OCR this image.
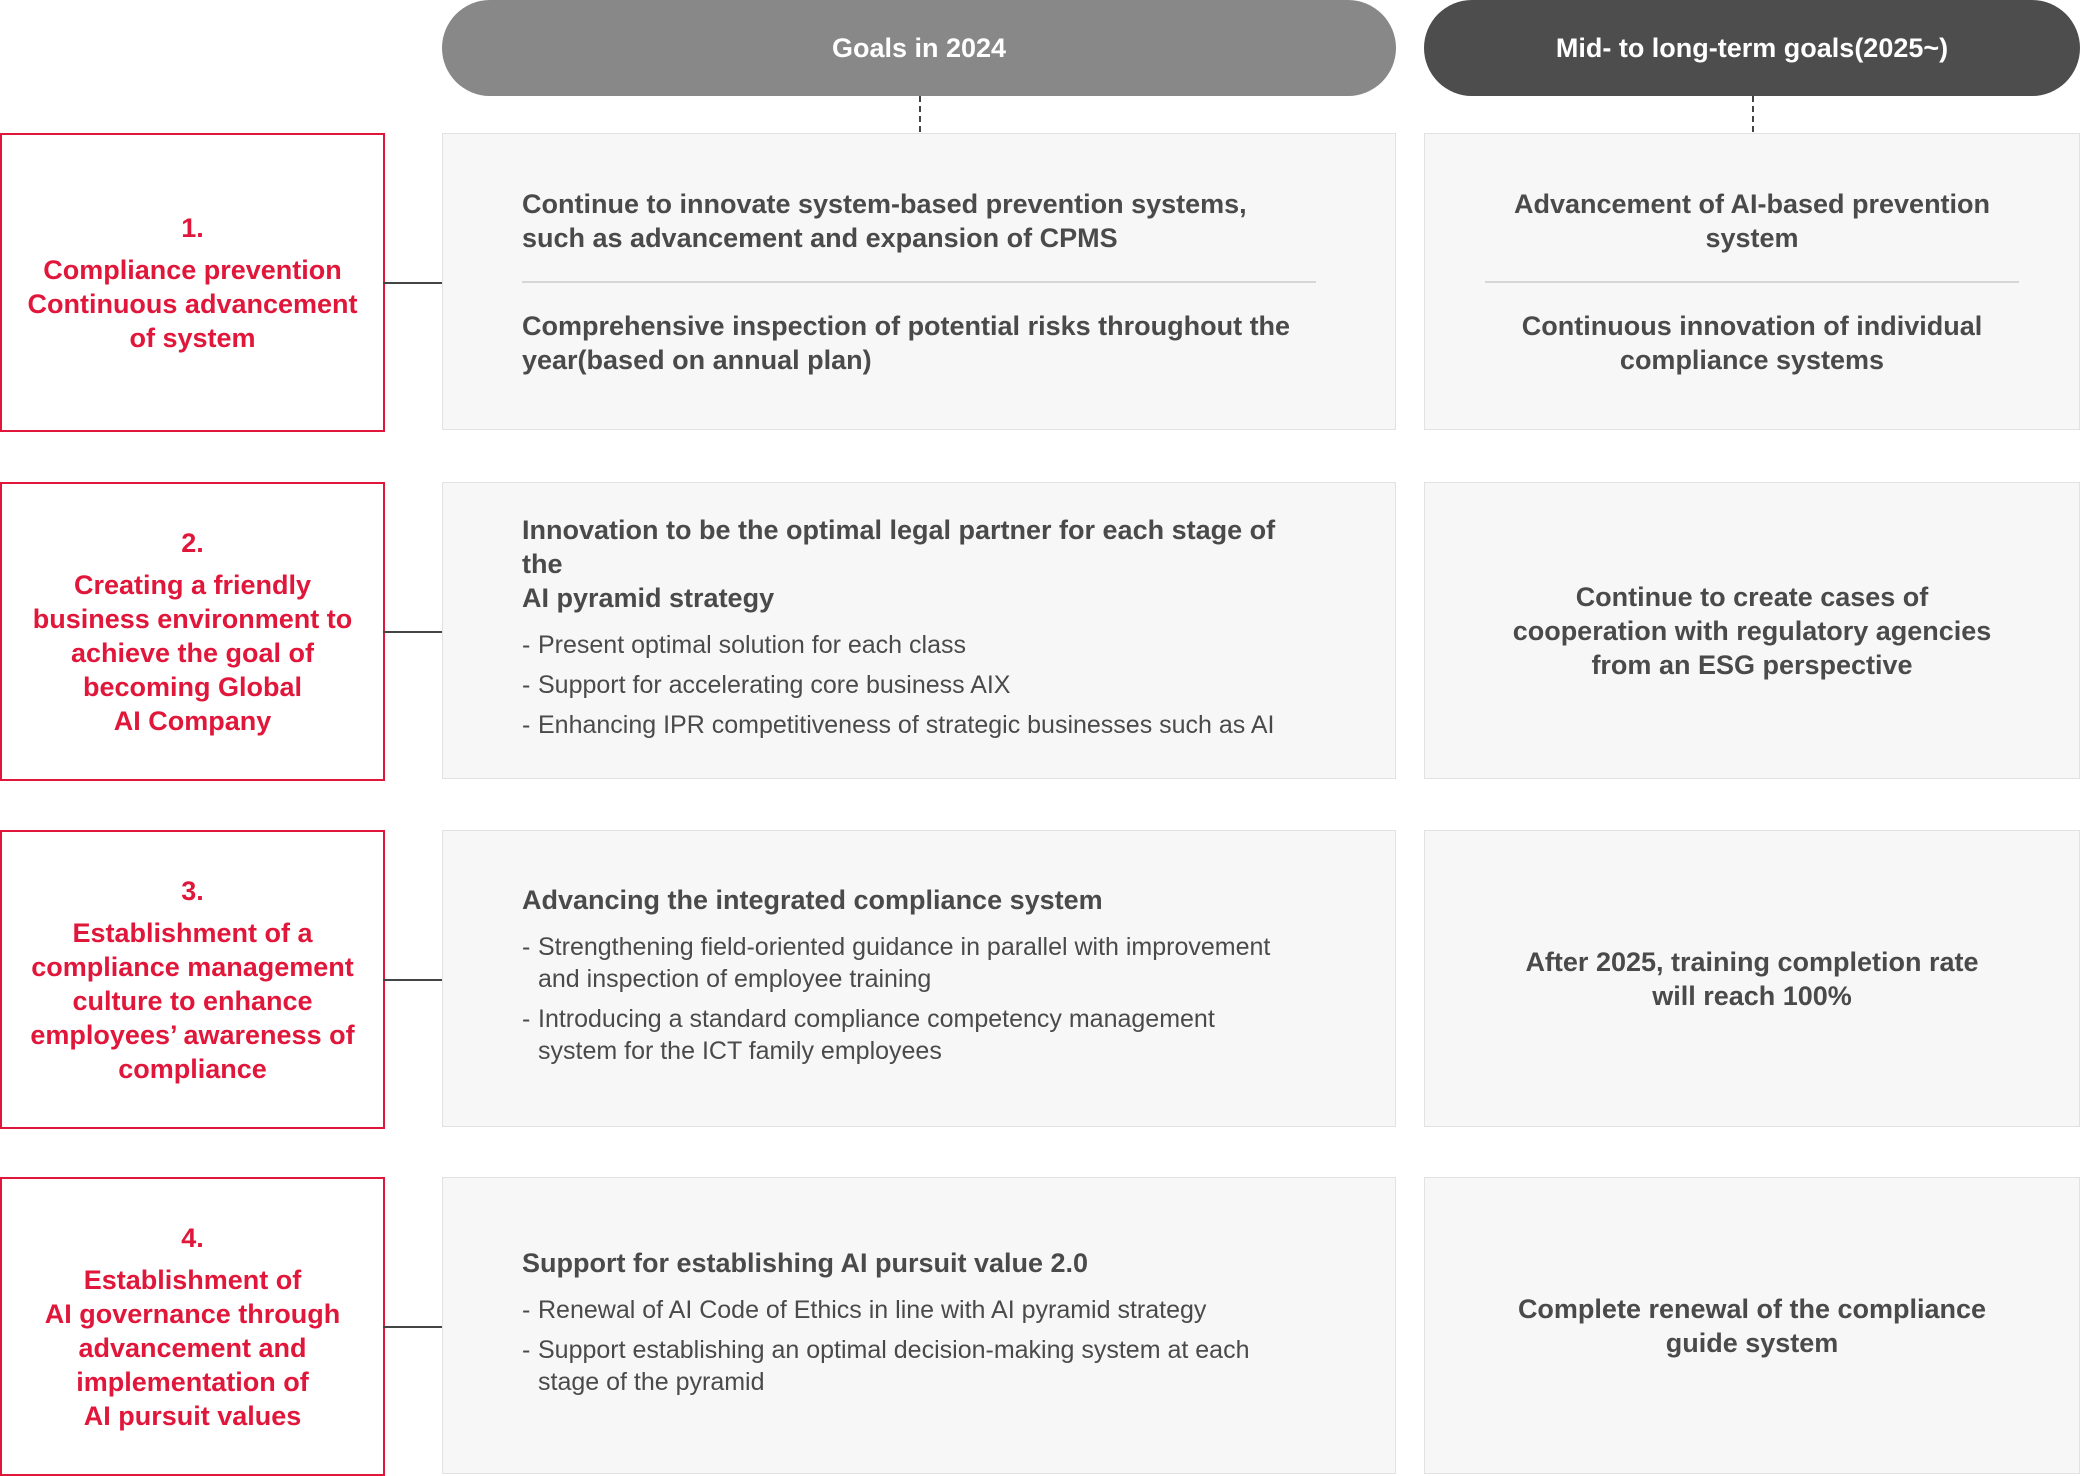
Goals in 2024	Mid- to long-term goals(2025~)
1.
Compliance prevention
Continuous advancement
of system
Continue to innovate system-based prevention systems,
such as advancement and expansion of CPMS
Comprehensive inspection of potential risks throughout the
year(based on annual plan)
Advancement of AI-based prevention
system
Continuous innovation of individual
compliance systems
2.
Creating a friendly
business environment to
achieve the goal of
becoming Global
AI Company
Innovation to be the optimal legal partner for each stage of the
AI pyramid strategy
- Present optimal solution for each class
- Support for accelerating core business AIX
- Enhancing IPR competitiveness of strategic businesses such as AI
Continue to create cases of
cooperation with regulatory agencies
from an ESG perspective
3.
Establishment of a
compliance management
culture to enhance
employees’ awareness of
compliance
Advancing the integrated compliance system
- Strengthening field-oriented guidance in parallel with improvement
and inspection of employee training
- Introducing a standard compliance competency management
system for the ICT family employees
After 2025, training completion rate
will reach 100%
4.
Establishment of
AI governance through
advancement and
implementation of
AI pursuit values
Support for establishing AI pursuit value 2.0
- Renewal of AI Code of Ethics in line with AI pyramid strategy
- Support establishing an optimal decision-making system at each
stage of the pyramid
Complete renewal of the compliance
guide system
